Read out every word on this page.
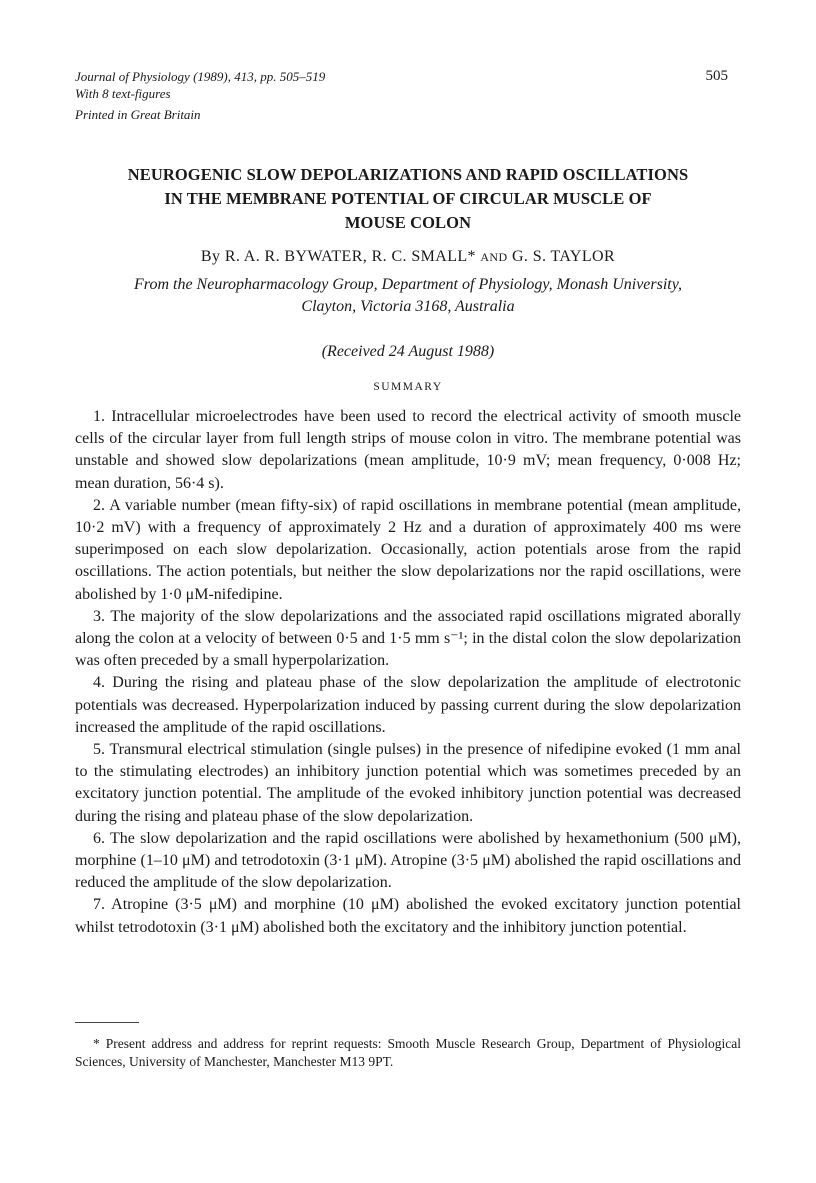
Journal of Physiology (1989), 413, pp. 505–519
With 8 text-figures
Printed in Great Britain
505
NEUROGENIC SLOW DEPOLARIZATIONS AND RAPID OSCILLATIONS
IN THE MEMBRANE POTENTIAL OF CIRCULAR MUSCLE OF
MOUSE COLON
By R. A. R. BYWATER, R. C. SMALL* AND G. S. TAYLOR
From the Neuropharmacology Group, Department of Physiology, Monash University,
Clayton, Victoria 3168, Australia
(Received 24 August 1988)
SUMMARY

1. Intracellular microelectrodes have been used to record the electrical activity of smooth muscle cells of the circular layer from full length strips of mouse colon in vitro. The membrane potential was unstable and showed slow depolarizations (mean amplitude, 10·9 mV; mean frequency, 0·008 Hz; mean duration, 56·4 s).

2. A variable number (mean fifty-six) of rapid oscillations in membrane potential (mean amplitude, 10·2 mV) with a frequency of approximately 2 Hz and a duration of approximately 400 ms were superimposed on each slow depolarization. Occasionally, action potentials arose from the rapid oscillations. The action potentials, but neither the slow depolarizations nor the rapid oscillations, were abolished by 1·0 μM-nifedipine.

3. The majority of the slow depolarizations and the associated rapid oscillations migrated aborally along the colon at a velocity of between 0·5 and 1·5 mm s⁻¹; in the distal colon the slow depolarization was often preceded by a small hyperpolarization.

4. During the rising and plateau phase of the slow depolarization the amplitude of electrotonic potentials was decreased. Hyperpolarization induced by passing current during the slow depolarization increased the amplitude of the rapid oscillations.

5. Transmural electrical stimulation (single pulses) in the presence of nifedipine evoked (1 mm anal to the stimulating electrodes) an inhibitory junction potential which was sometimes preceded by an excitatory junction potential. The amplitude of the evoked inhibitory junction potential was decreased during the rising and plateau phase of the slow depolarization.

6. The slow depolarization and the rapid oscillations were abolished by hexamethonium (500 μM), morphine (1–10 μM) and tetrodotoxin (3·1 μM). Atropine (3·5 μM) abolished the rapid oscillations and reduced the amplitude of the slow depolarization.

7. Atropine (3·5 μM) and morphine (10 μM) abolished the evoked excitatory junction potential whilst tetrodotoxin (3·1 μM) abolished both the excitatory and the inhibitory junction potential.

* Present address and address for reprint requests: Smooth Muscle Research Group, Department of Physiological Sciences, University of Manchester, Manchester M13 9PT.
